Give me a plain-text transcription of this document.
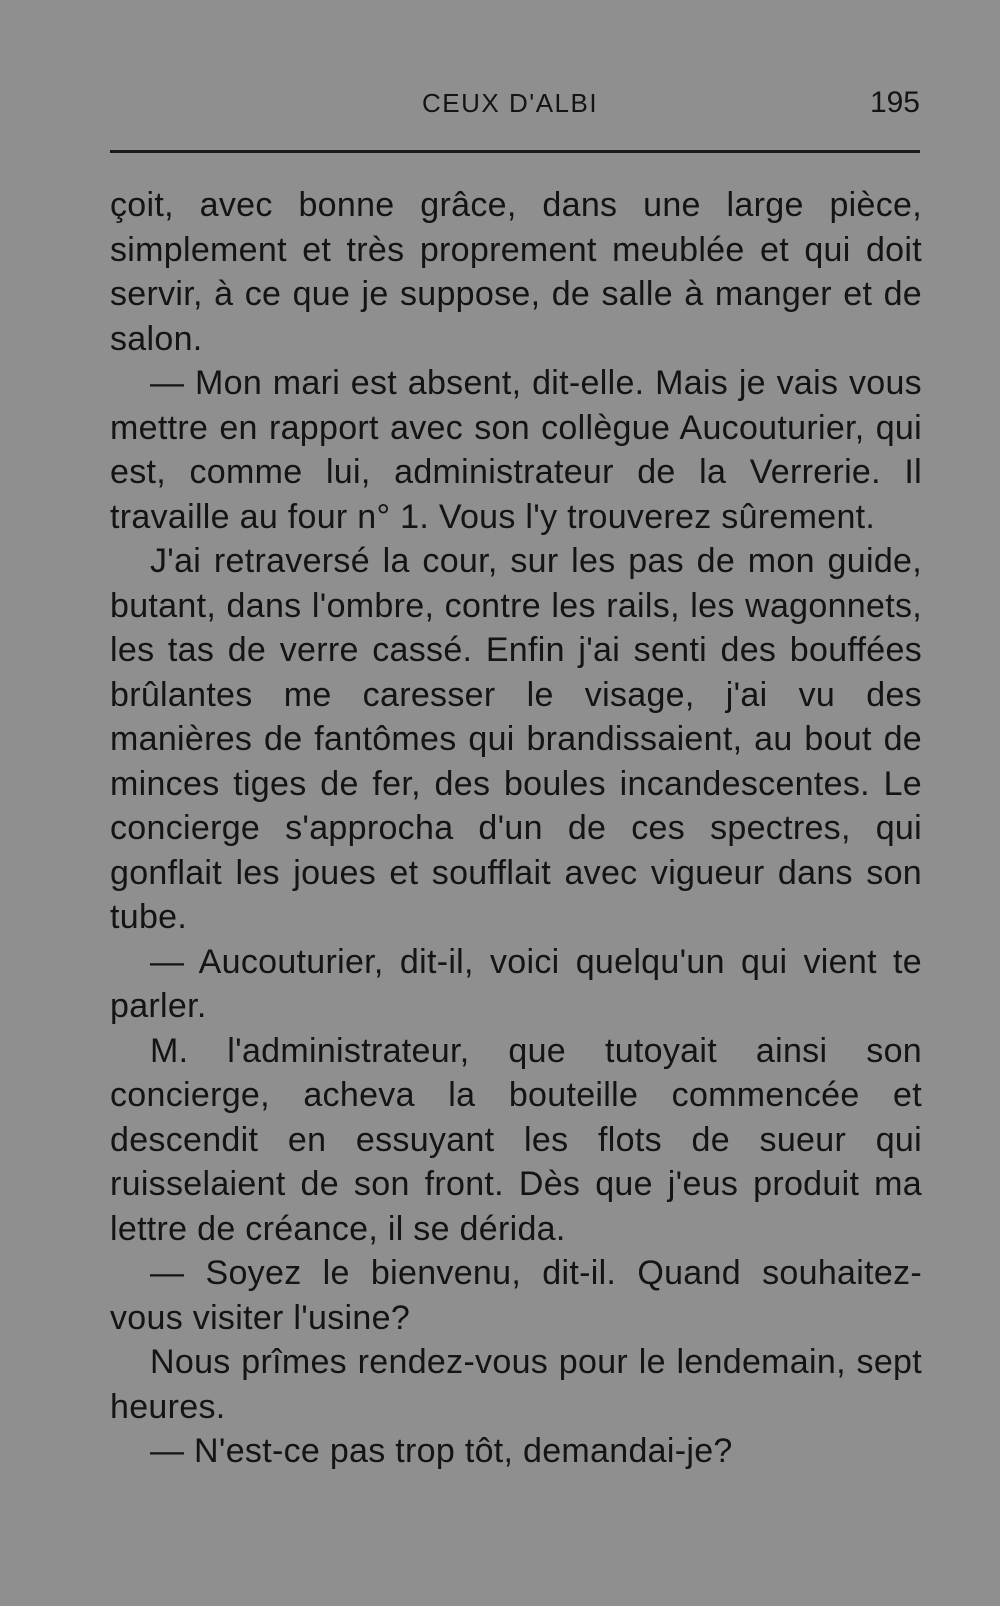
CEUX D'ALBI	195

çoit, avec bonne grâce, dans une large pièce, simplement et très proprement meublée et qui doit servir, à ce que je suppose, de salle à manger et de salon.

— Mon mari est absent, dit-elle. Mais je vais vous mettre en rapport avec son collègue Aucouturier, qui est, comme lui, administrateur de la Verrerie. Il travaille au four n° 1. Vous l'y trouverez sûrement.

J'ai retraversé la cour, sur les pas de mon guide, butant, dans l'ombre, contre les rails, les wagonnets, les tas de verre cassé. Enfin j'ai senti des bouffées brûlantes me caresser le visage, j'ai vu des manières de fantômes qui brandissaient, au bout de minces tiges de fer, des boules incandescentes. Le concierge s'approcha d'un de ces spectres, qui gonflait les joues et soufflait avec vigueur dans son tube.

— Aucouturier, dit-il, voici quelqu'un qui vient te parler.

M. l'administrateur, que tutoyait ainsi son concierge, acheva la bouteille commencée et descendit en essuyant les flots de sueur qui ruisselaient de son front. Dès que j'eus produit ma lettre de créance, il se dérida.

— Soyez le bienvenu, dit-il. Quand souhaitez-vous visiter l'usine?

Nous prîmes rendez-vous pour le lendemain, sept heures.

— N'est-ce pas trop tôt, demandai-je?
